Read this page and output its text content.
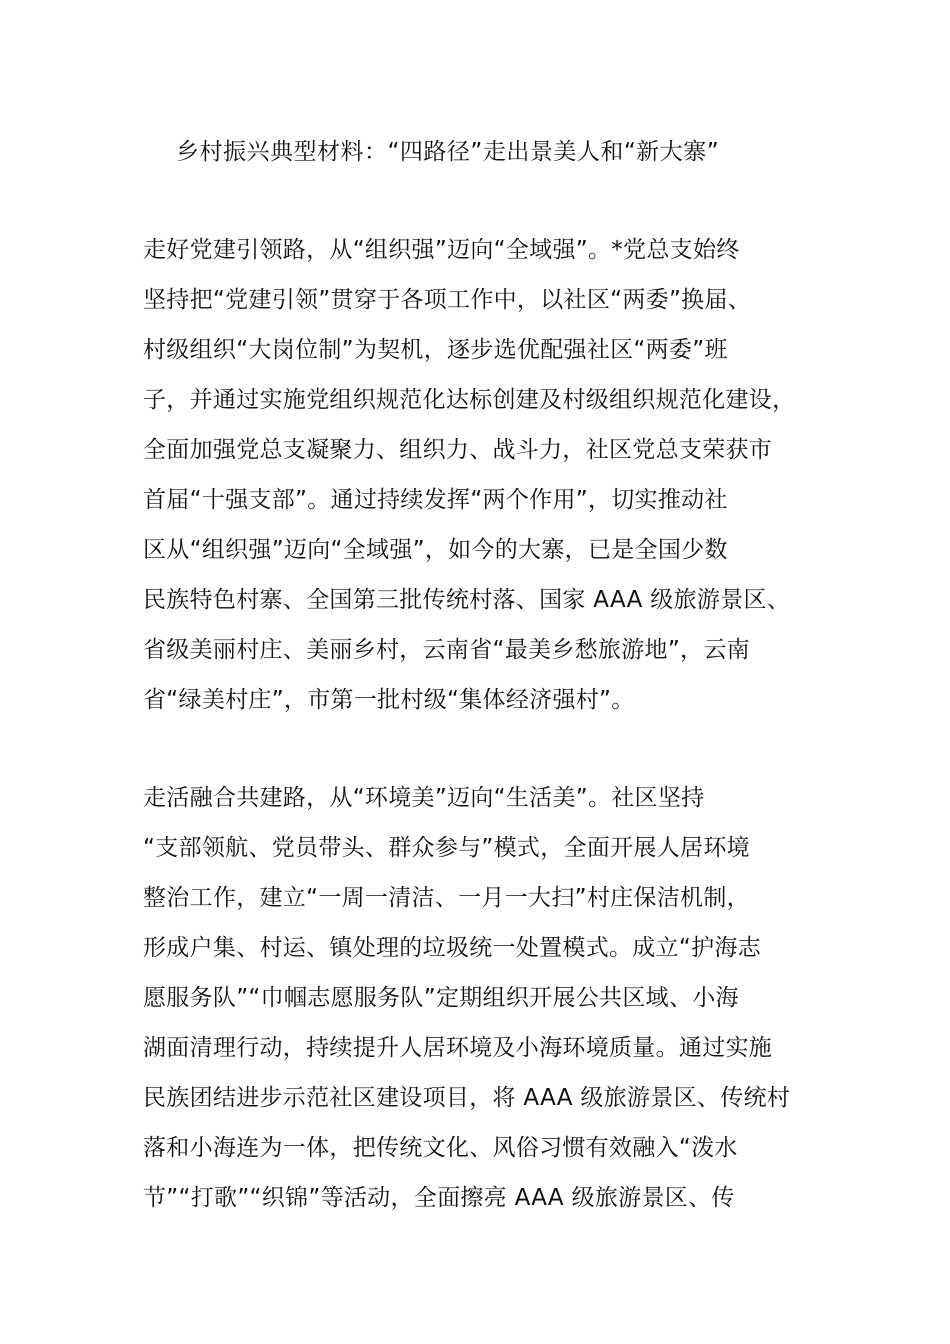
乡村振兴典型材料：“四路径”走出景美人和“新大寨”
走好党建引领路，从“组织强”迈向“全域强”。*党总支始终
坚持把“党建引领”贯穿于各项工作中，以社区“两委”换届、
村级组织“大岗位制”为契机，逐步选优配强社区“两委”班
子，并通过实施党组织规范化达标创建及村级组织规范化建设，
全面加强党总支凝聚力、组织力、战斗力，社区党总支荣获市
首届“十强支部”。通过持续发挥“两个作用”，切实推动社
区从“组织强”迈向“全域强”，如今的大寨，已是全国少数
民族特色村寨、全国第三批传统村落、国家 AAA 级旅游景区、
省级美丽村庄、美丽乡村，云南省“最美乡愁旅游地”，云南
省“绿美村庄”，市第一批村级“集体经济强村”。
走活融合共建路，从“环境美”迈向“生活美”。社区坚持
“支部领航、党员带头、群众参与”模式，全面开展人居环境
整治工作，建立“一周一清洁、一月一大扫”村庄保洁机制，
形成户集、村运、镇处理的垃圾统一处置模式。成立“护海志
愿服务队”“巾帼志愿服务队”定期组织开展公共区域、小海
湖面清理行动，持续提升人居环境及小海环境质量。通过实施
民族团结进步示范社区建设项目，将 AAA 级旅游景区、传统村
落和小海连为一体，把传统文化、风俗习惯有效融入“泼水
节”“打歌”“织锦”等活动，全面擦亮 AAA 级旅游景区、传
